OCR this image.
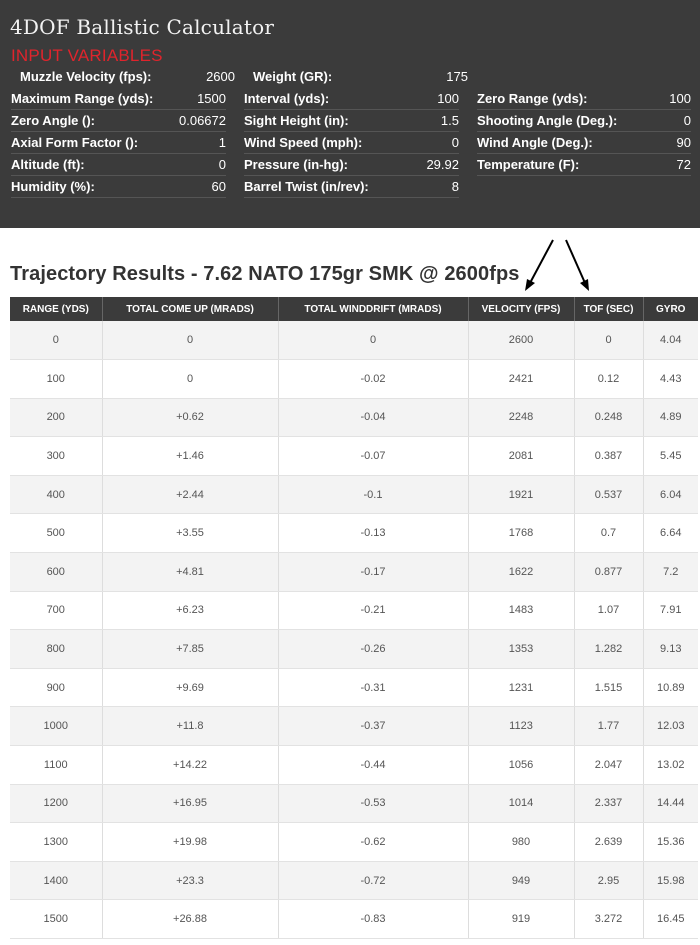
4DOF Ballistic Calculator
INPUT VARIABLES
Muzzle Velocity (fps):	2600 Weight (GR):	175
Maximum Range (yds):	1500 Interval (yds):	100 Zero Range (yds):	100
Zero Angle ():	0.06672 Sight Height (in):	1.5 Shooting Angle (Deg.):	0
Axial Form Factor ():	1 Wind Speed (mph):	0 Wind Angle (Deg.):	90
Altitude (ft):	0 Pressure (in-hg):	29.92 Temperature (F):	72
Humidity (%):	60 Barrel Twist (in/rev):	8
Trajectory Results - 7.62 NATO 175gr SMK @ 2600fps
RANGE (YDS)	TOTAL COME UP (MRADS)	TOTAL WINDDRIFT (MRADS)	VELOCITY (FPS)	TOF (SEC)	GYRO
0	0	0	2600	0	4.04
100	0	-0.02	2421	0.12	4.43
200	+0.62	-0.04	2248	0.248	4.89
300	+1.46	-0.07	2081	0.387	5.45
400	+2.44	-0.1	1921	0.537	6.04
500	+3.55	-0.13	1768	0.7	6.64
600	+4.81	-0.17	1622	0.877	7.2
700	+6.23	-0.21	1483	1.07	7.91
800	+7.85	-0.26	1353	1.282	9.13
900	+9.69	-0.31	1231	1.515	10.89
1000	+11.8	-0.37	1123	1.77	12.03
1100	+14.22	-0.44	1056	2.047	13.02
1200	+16.95	-0.53	1014	2.337	14.44
1300	+19.98	-0.62	980	2.639	15.36
1400	+23.3	-0.72	949	2.95	15.98
1500	+26.88	-0.83	919	3.272	16.45
